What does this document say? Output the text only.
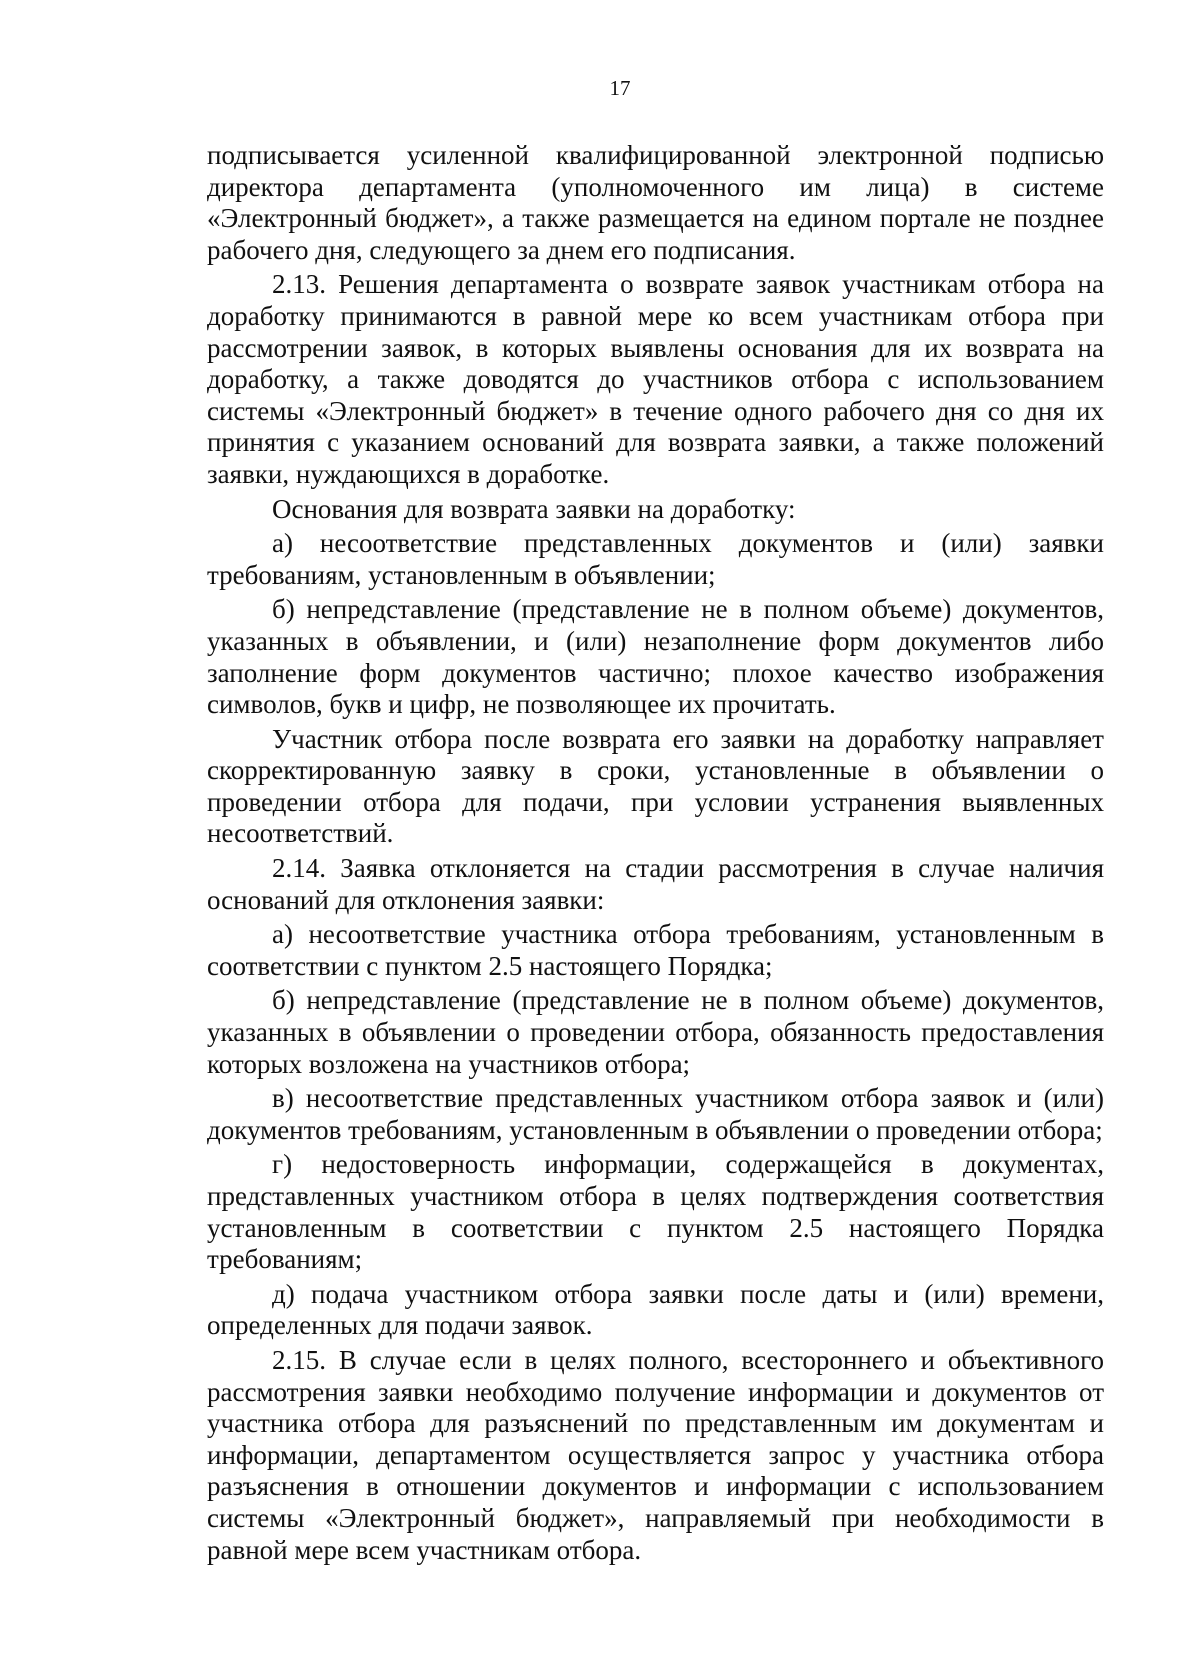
17

подписывается усиленной квалифицированной электронной подписью директора департамента (уполномоченного им лица) в системе «Электронный бюджет», а также размещается на едином портале не позднее рабочего дня, следующего за днем его подписания.

2.13. Решения департамента о возврате заявок участникам отбора на доработку принимаются в равной мере ко всем участникам отбора при рассмотрении заявок, в которых выявлены основания для их возврата на доработку, а также доводятся до участников отбора с использованием системы «Электронный бюджет» в течение одного рабочего дня со дня их принятия с указанием оснований для возврата заявки, а также положений заявки, нуждающихся в доработке.

Основания для возврата заявки на доработку:

а) несоответствие представленных документов и (или) заявки требованиям, установленным в объявлении;

б) непредставление (представление не в полном объеме) документов, указанных в объявлении, и (или) незаполнение форм документов либо заполнение форм документов частично; плохое качество изображения символов, букв и цифр, не позволяющее их прочитать.

Участник отбора после возврата его заявки на доработку направляет скорректированную заявку в сроки, установленные в объявлении о проведении отбора для подачи, при условии устранения выявленных несоответствий.

2.14. Заявка отклоняется на стадии рассмотрения в случае наличия оснований для отклонения заявки:

а) несоответствие участника отбора требованиям, установленным в соответствии с пунктом 2.5 настоящего Порядка;

б) непредставление (представление не в полном объеме) документов, указанных в объявлении о проведении отбора, обязанность предоставления которых возложена на участников отбора;

в) несоответствие представленных участником отбора заявок и (или) документов требованиям, установленным в объявлении о проведении отбора;

г) недостоверность информации, содержащейся в документах, представленных участником отбора в целях подтверждения соответствия установленным в соответствии с пунктом 2.5 настоящего Порядка требованиям;

д) подача участником отбора заявки после даты и (или) времени, определенных для подачи заявок.

2.15. В случае если в целях полного, всестороннего и объективного рассмотрения заявки необходимо получение информации и документов от участника отбора для разъяснений по представленным им документам и информации, департаментом осуществляется запрос у участника отбора разъяснения в отношении документов и информации с использованием системы «Электронный бюджет», направляемый при необходимости в равной мере всем участникам отбора.
